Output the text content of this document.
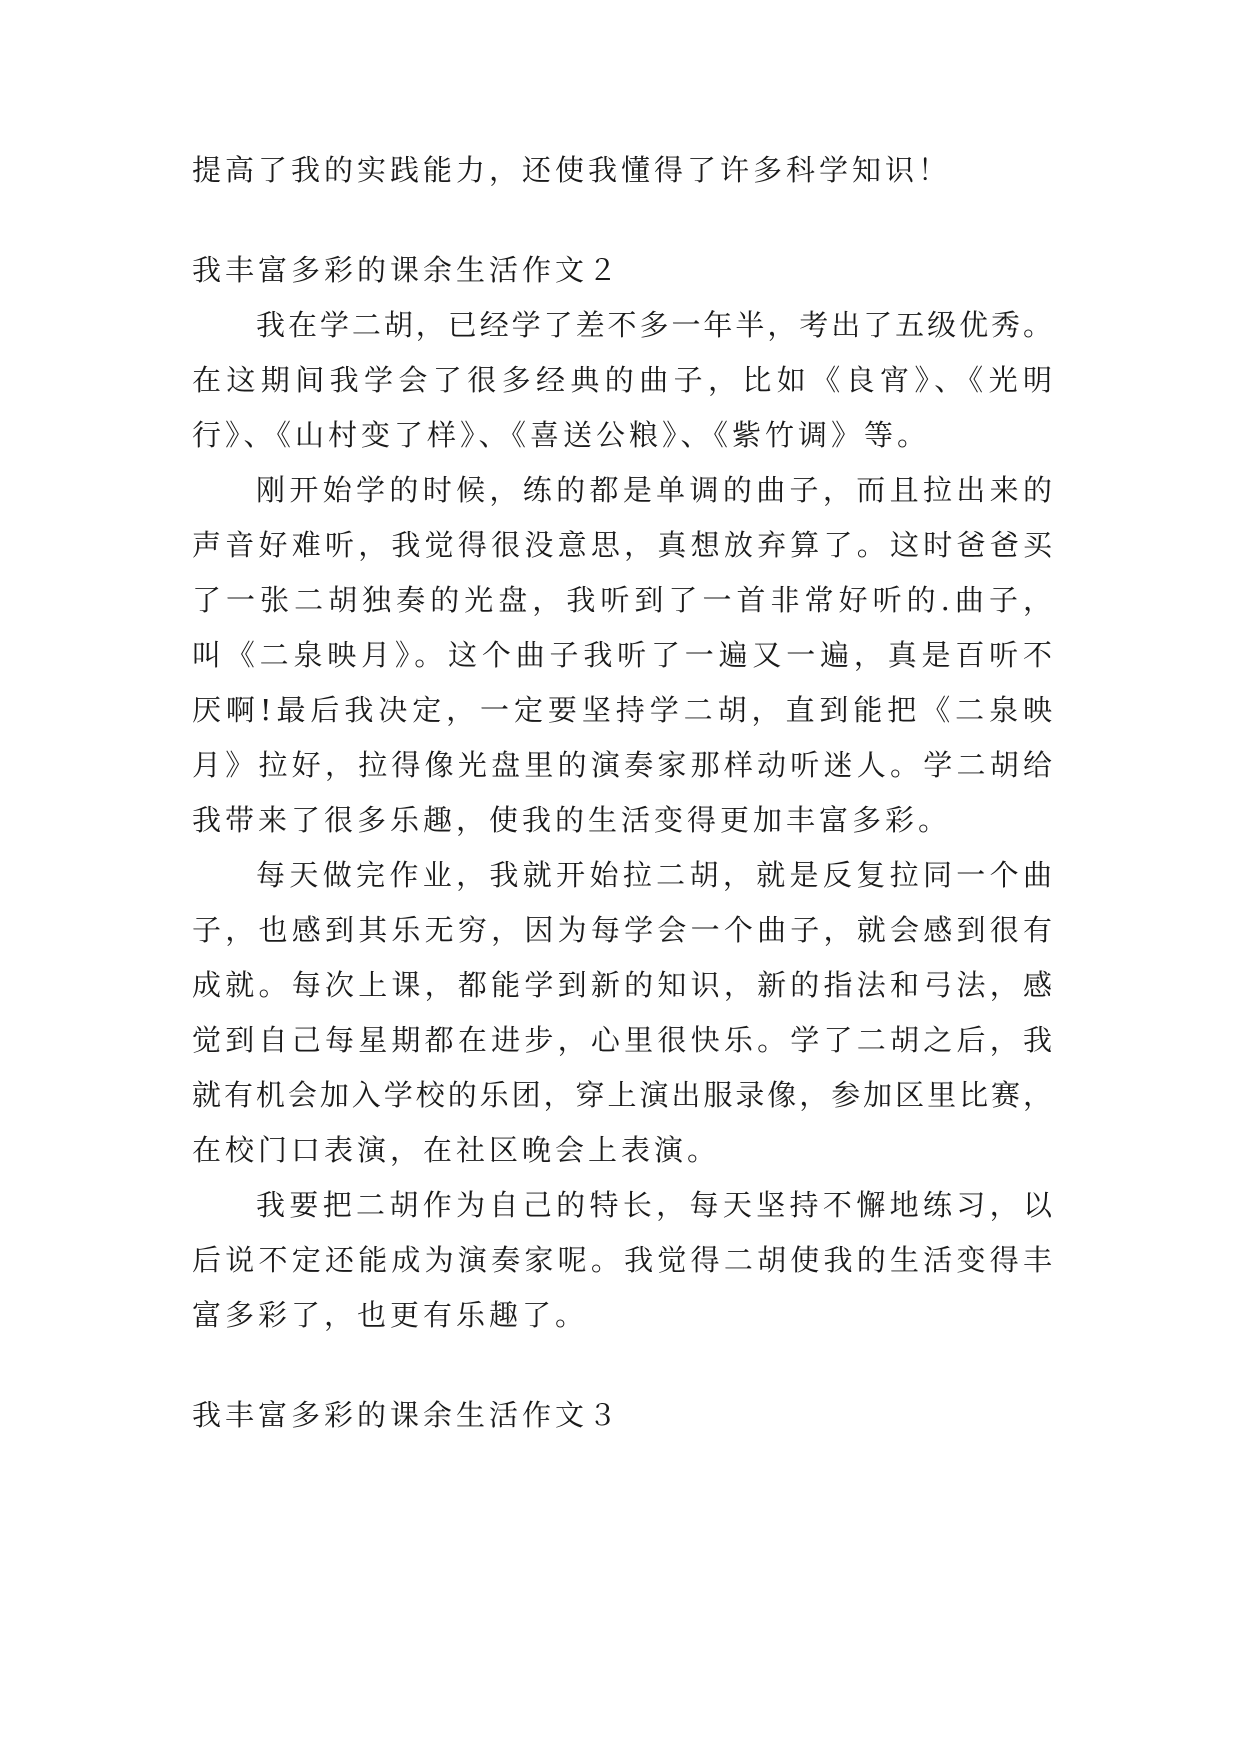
提高了我的实践能力，还使我懂得了许多科学知识！
我丰富多彩的课余生活作文２
我在学二胡，已经学了差不多一年半，考出了五级优秀。
在这期间我学会了很多经典的曲子，比如《良宵》、《光明
行》、《山村变了样》、《喜送公粮》、《紫竹调》等。
刚开始学的时候，练的都是单调的曲子，而且拉出来的
声音好难听，我觉得很没意思，真想放弃算了。这时爸爸买
了一张二胡独奏的光盘，我听到了一首非常好听的.曲子，
叫《二泉映月》。这个曲子我听了一遍又一遍，真是百听不
厌啊!最后我决定，一定要坚持学二胡，直到能把《二泉映
月》拉好，拉得像光盘里的演奏家那样动听迷人。学二胡给
我带来了很多乐趣，使我的生活变得更加丰富多彩。
每天做完作业，我就开始拉二胡，就是反复拉同一个曲
子，也感到其乐无穷，因为每学会一个曲子，就会感到很有
成就。每次上课，都能学到新的知识，新的指法和弓法，感
觉到自己每星期都在进步，心里很快乐。学了二胡之后，我
就有机会加入学校的乐团，穿上演出服录像，参加区里比赛，
在校门口表演，在社区晚会上表演。
我要把二胡作为自己的特长，每天坚持不懈地练习，以
后说不定还能成为演奏家呢。我觉得二胡使我的生活变得丰
富多彩了，也更有乐趣了。
我丰富多彩的课余生活作文３
